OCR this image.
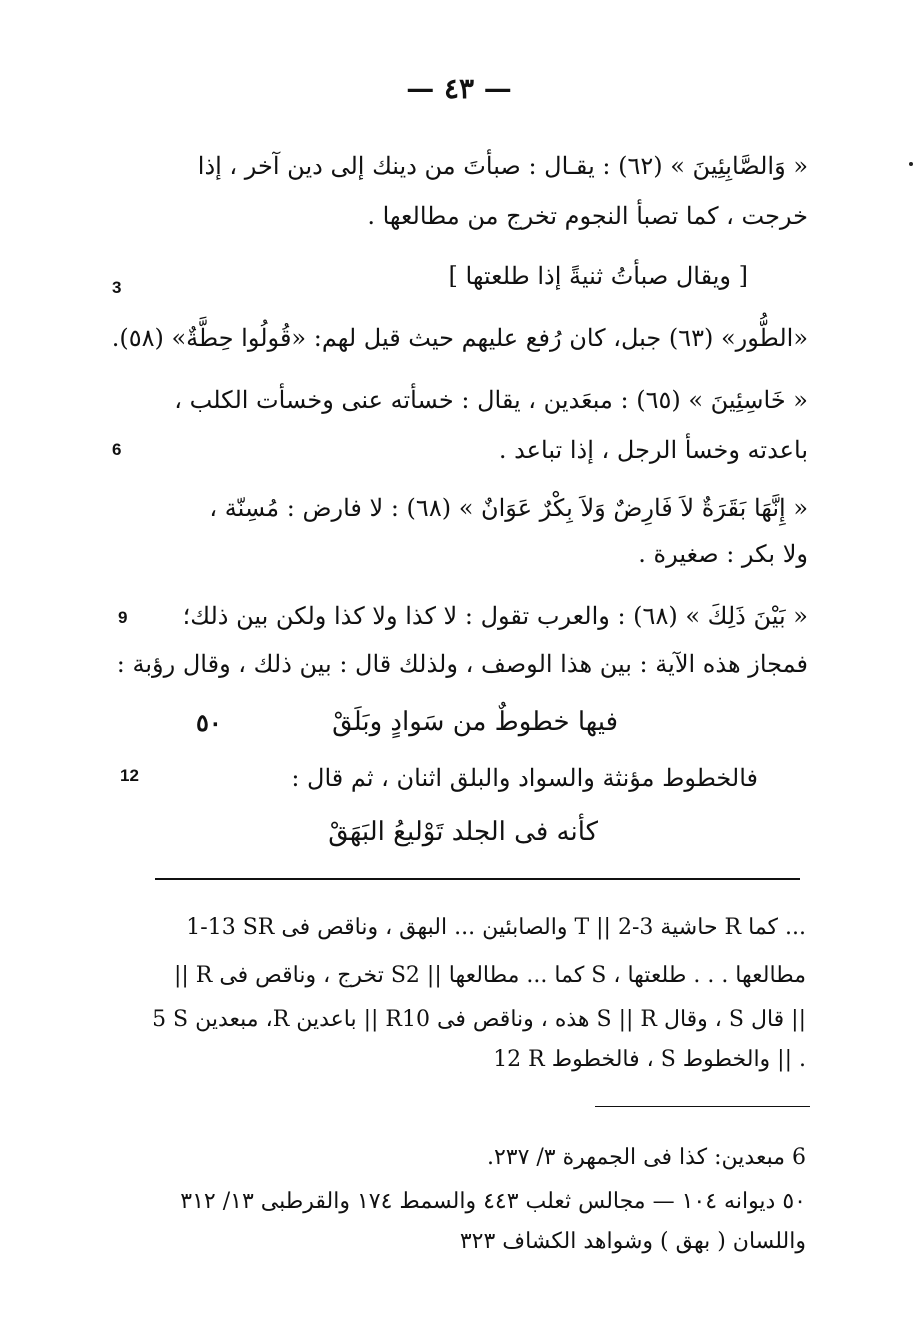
— ٤٣ —
« وَالصَّابِئِينَ » (٦٢) : يقـال : صبأتَ من دينك إلى دين آخر ، إذا
خرجت ، كما تصبأ النجوم تخرج من مطالعها .
[ ويقال صبأتُ ثنيةً إذا طلعتها ]
3
«الطُّور» (٦٣) جبل، كان رُفع عليهم حيث قيل لهم: «قُولُوا حِطَّةٌ» (٥٨).
« خَاسِئِينَ » (٦٥) : مبعَدين ، يقال : خسأته عنى وخسأت الكلب ،
باعدته وخسأ الرجل ، إذا تباعد .
6
« إِنَّهَا بَقَرَةٌ لاَ فَارِضٌ وَلاَ بِكْرٌ عَوَانٌ » (٦٨) : لا فارض : مُسِنّة ،
ولا بكر : صغيرة .
« بَيْنَ ذَلِكَ » (٦٨) : والعرب تقول : لا كذا ولا كذا ولكن بين ذلك؛
9
فمجاز هذه الآية : بين هذا الوصف ، ولذلك قال : بين ذلك ، وقال رؤبة :
فيها خطوطٌ من سَوادٍ وبَلَقْ
٥٠
فالخطوط مؤنثة والسواد والبلق اثنان ، ثم قال :
12
كأنه فى الجلد تَوْليعُ البَهَقْ
1-13 SR والصابئين ... البهق ، وناقص فى T || 2-3 حاشية R كما ...
مطالعها . . . طلعتها ، S كما ... مطالعها || S2 تخرج ، وناقص فى R ||
5 S مبعدين ،R باعدين || R10 هذه ، وناقص فى S || R وقال ، S قال ||
12 R فالخطوط ، S والخطوط || .
6 مبعدين: كذا فى الجمهرة ٣/ ٢٣٧.
٥٠ ديوانه ١٠٤ — مجالس ثعلب ٤٤٣ والسمط ١٧٤ والقرطبى ١٣/ ٣١٢
واللسان ( بهق ) وشواهد الكشاف ٣٢٣
